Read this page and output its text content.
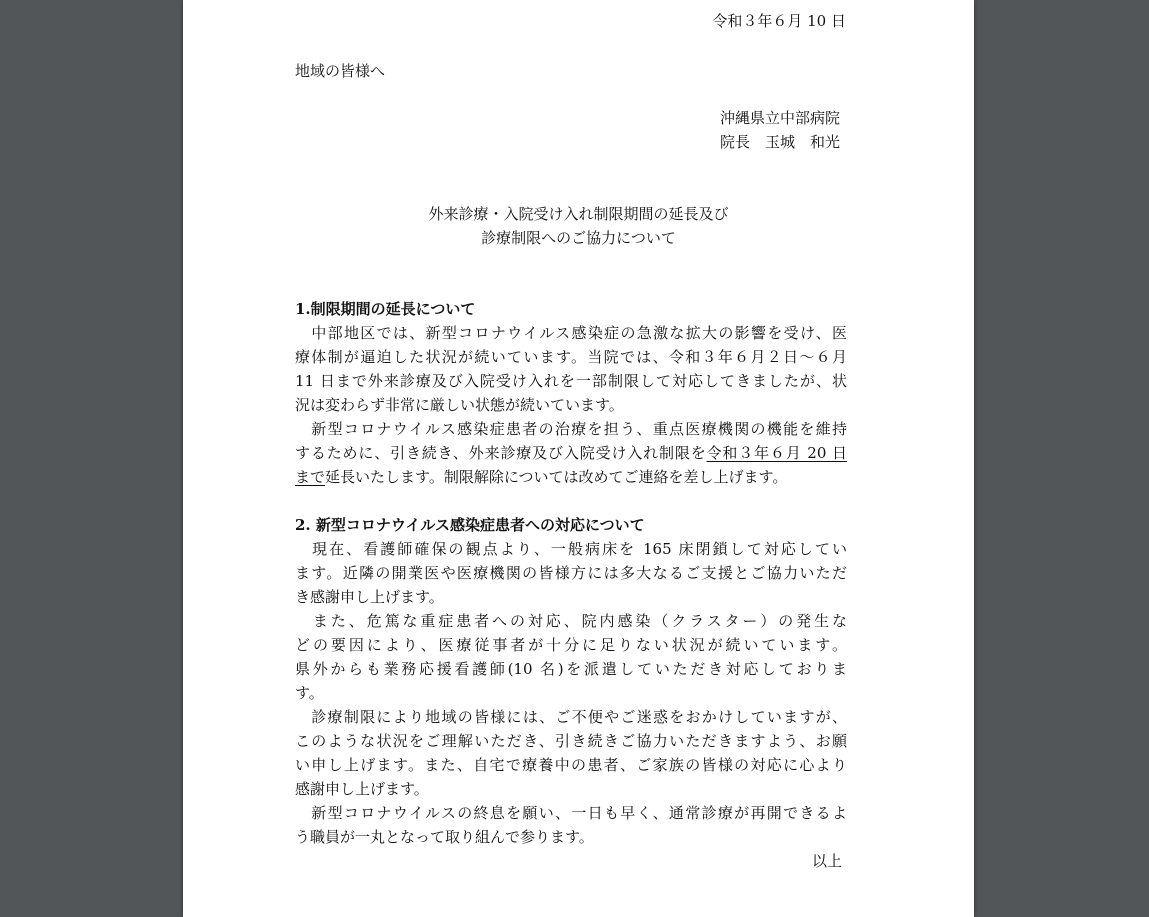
令和３年６月 10 日
地域の皆様へ
沖縄県立中部病院
院長　玉城　和光
外来診療・入院受け入れ制限期間の延長及び
診療制限へのご協力について
1.制限期間の延長について
　中部地区では、新型コロナウイルス感染症の急激な拡大の影響を受け、医
療体制が逼迫した状況が続いています。当院では、令和３年６月２日～６月
11 日まで外来診療及び入院受け入れを一部制限して対応してきましたが、状
況は変わらず非常に厳しい状態が続いています。
　新型コロナウイルス感染症患者の治療を担う、重点医療機関の機能を維持
するために、引き続き、外来診療及び入院受け入れ制限を令和３年６月 20 日
まで延長いたします。制限解除については改めてご連絡を差し上げます。
2. 新型コロナウイルス感染症患者への対応について
　現在、看護師確保の観点より、一般病床を 165 床閉鎖して対応してい
ます。近隣の開業医や医療機関の皆様方には多大なるご支援とご協力いただ
き感謝申し上げます。
　また、危篤な重症患者への対応、院内感染（クラスター）の発生な
どの要因により、医療従事者が十分に足りない状況が続いています。
県外からも業務応援看護師(10 名)を派遣していただき対応しておりま
す。
　診療制限により地域の皆様には、ご不便やご迷惑をおかけしていますが、
このような状況をご理解いただき、引き続きご協力いただきますよう、お願
い申し上げます。また、自宅で療養中の患者、ご家族の皆様の対応に心より
感謝申し上げます。
　新型コロナウイルスの終息を願い、一日も早く、通常診療が再開できるよ
う職員が一丸となって取り組んで参ります。
以上
